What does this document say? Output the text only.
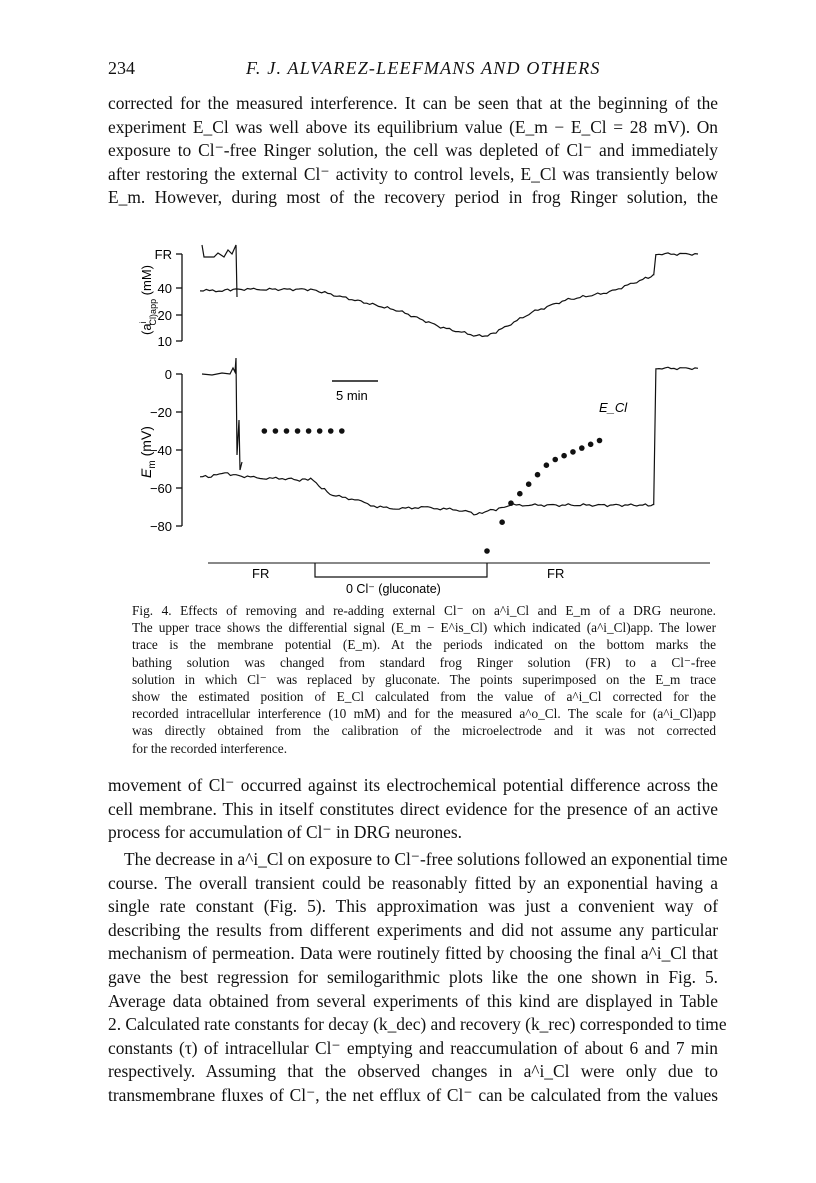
234	F. J. ALVAREZ-LEEFMANS AND OTHERS
corrected for the measured interference. It can be seen that at the beginning of the
experiment E_Cl was well above its equilibrium value (E_m − E_Cl = 28 mV). On
exposure to Cl⁻-free Ringer solution, the cell was depleted of Cl⁻ and immediately
after restoring the external Cl⁻ activity to control levels, E_Cl was transiently below
E_m. However, during most of the recovery period in frog Ringer solution, the
FR
40
20
10
0
−20
−40
−60
−80
$(a^iCl)app$ (mM)
$E_m$ (mV)
5 min
E_Cl
FR
0 Cl⁻ (gluconate)
FR
Fig. 4. Effects of removing and re-adding external Cl⁻ on a^i_Cl and E_m of a DRG neurone.
The upper trace shows the differential signal (E_m − E^is_Cl) which indicated (a^i_Cl)app. The lower
trace is the membrane potential (E_m). At the periods indicated on the bottom marks the
bathing solution was changed from standard frog Ringer solution (FR) to a Cl⁻-free
solution in which Cl⁻ was replaced by gluconate. The points superimposed on the E_m trace
show the estimated position of E_Cl calculated from the value of a^i_Cl corrected for the
recorded intracellular interference (10 mM) and for the measured a^o_Cl. The scale for (a^i_Cl)app
was directly obtained from the calibration of the microelectrode and it was not corrected
for the recorded interference.
movement of Cl⁻ occurred against its electrochemical potential difference across the
cell membrane. This in itself constitutes direct evidence for the presence of an active
process for accumulation of Cl⁻ in DRG neurones.
The decrease in a^i_Cl on exposure to Cl⁻-free solutions followed an exponential time
course. The overall transient could be reasonably fitted by an exponential having a
single rate constant (Fig. 5). This approximation was just a convenient way of
describing the results from different experiments and did not assume any particular
mechanism of permeation. Data were routinely fitted by choosing the final a^i_Cl that
gave the best regression for semilogarithmic plots like the one shown in Fig. 5.
Average data obtained from several experiments of this kind are displayed in Table
2. Calculated rate constants for decay (k_dec) and recovery (k_rec) corresponded to time
constants (τ) of intracellular Cl⁻ emptying and reaccumulation of about 6 and 7 min
respectively. Assuming that the observed changes in a^i_Cl were only due to
transmembrane fluxes of Cl⁻, the net efflux of Cl⁻ can be calculated from the values
